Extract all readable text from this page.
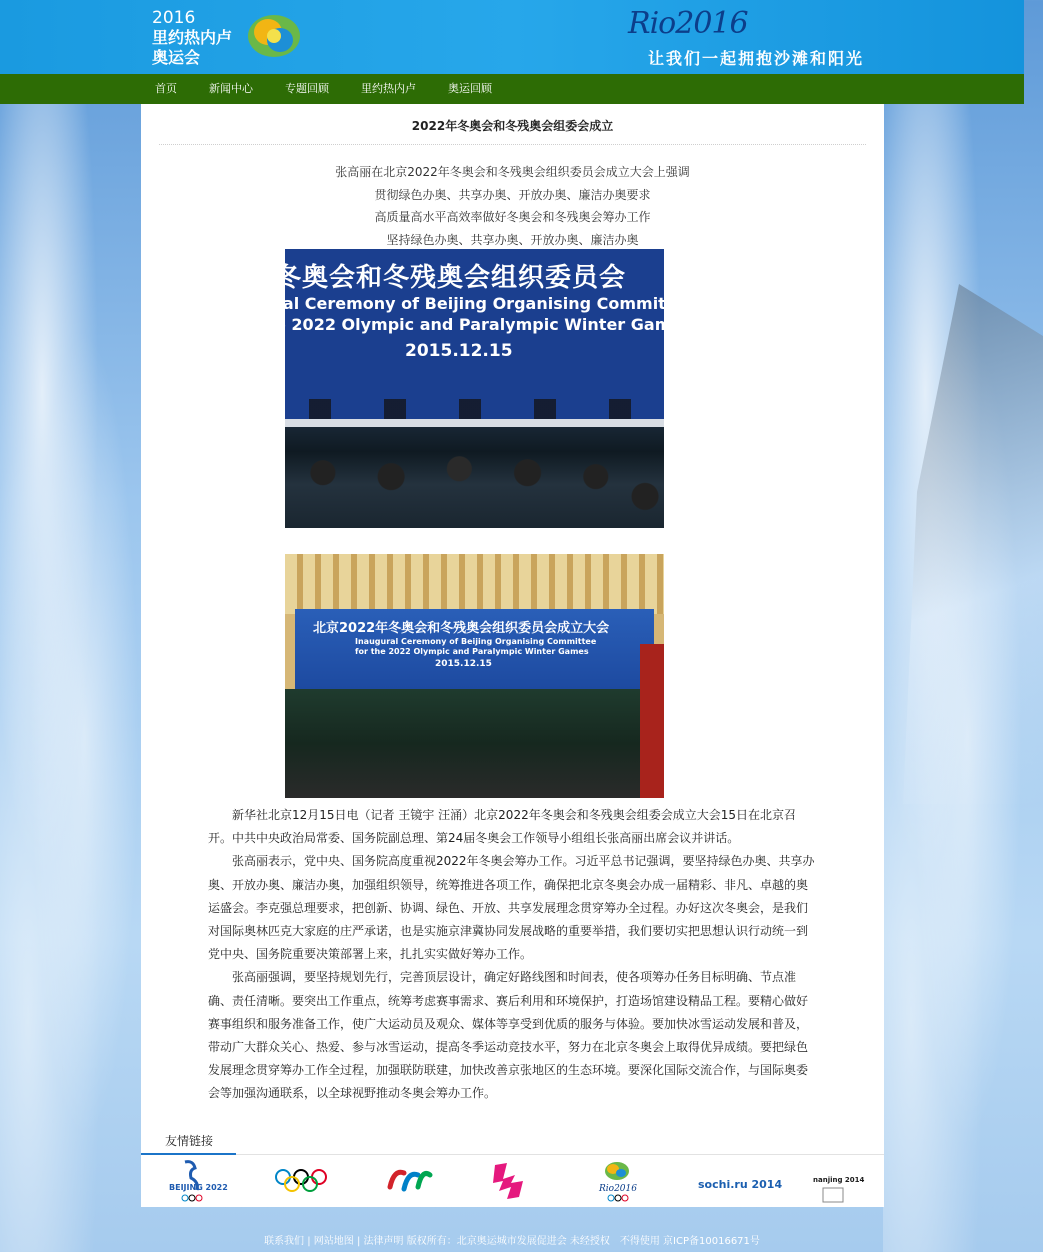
2016
里约热内卢
奥运会
Rio2016
让我们一起拥抱沙滩和阳光
首页	新闻中心	专题回顾	里约热内卢	奥运回顾
2022年冬奥会和冬残奥会组委会成立
张高丽在北京2022年冬奥会和冬残奥会组织委员会成立大会上强调
贯彻绿色办奥、共享办奥、开放办奥、廉洁办奥要求
高质量高水平高效率做好冬奥会和冬残奥会筹办工作
坚持绿色办奥、共享办奥、开放办奥、廉洁办奥
冬奥会和冬残奥会组织委员会
ral Ceremony of Beijing Organising Committ
e 2022 Olympic and Paralympic Winter Gam
2015.12.15
北京2022年冬奥会和冬残奥会组织委员会成立大会
Inaugural Ceremony of Beijing Organising Committee
for the 2022 Olympic and Paralympic Winter Games
2015.12.15

新华社北京12月15日电（记者 王镜宇 汪涌）北京2022年冬奥会和冬残奥会组委会成立大会15日在北京召开。中共中央政治局常委、国务院副总理、第24届冬奥会工作领导小组组长张高丽出席会议并讲话。

张高丽表示，党中央、国务院高度重视2022年冬奥会筹办工作。习近平总书记强调，要坚持绿色办奥、共享办奥、开放办奥、廉洁办奥，加强组织领导，统筹推进各项工作，确保把北京冬奥会办成一届精彩、非凡、卓越的奥运盛会。李克强总理要求，把创新、协调、绿色、开放、共享发展理念贯穿筹办全过程。办好这次冬奥会，是我们对国际奥林匹克大家庭的庄严承诺，也是实施京津冀协同发展战略的重要举措，我们要切实把思想认识行动统一到党中央、国务院重要决策部署上来，扎扎实实做好筹办工作。

张高丽强调，要坚持规划先行，完善顶层设计，确定好路线图和时间表，使各项筹办任务目标明确、节点准确、责任清晰。要突出工作重点，统筹考虑赛事需求、赛后利用和环境保护，打造场馆建设精品工程。要精心做好赛事组织和服务准备工作，使广大运动员及观众、媒体等享受到优质的服务与体验。要加快冰雪运动发展和普及，带动广大群众关心、热爱、参与冰雪运动，提高冬季运动竞技水平，努力在北京冬奥会上取得优异成绩。要把绿色发展理念贯穿筹办工作全过程，加强联防联建，加快改善京张地区的生态环境。要深化国际交流合作，与国际奥委会等加强沟通联系，以全球视野推动冬奥会筹办工作。

友情链接
BEIJING 2022	Rio2016	sochi.ru 2014	nanjing 2014
联系我们 | 网站地图 | 法律声明 版权所有：北京奥运城市发展促进会 未经授权　不得使用 京ICP备10016671号
